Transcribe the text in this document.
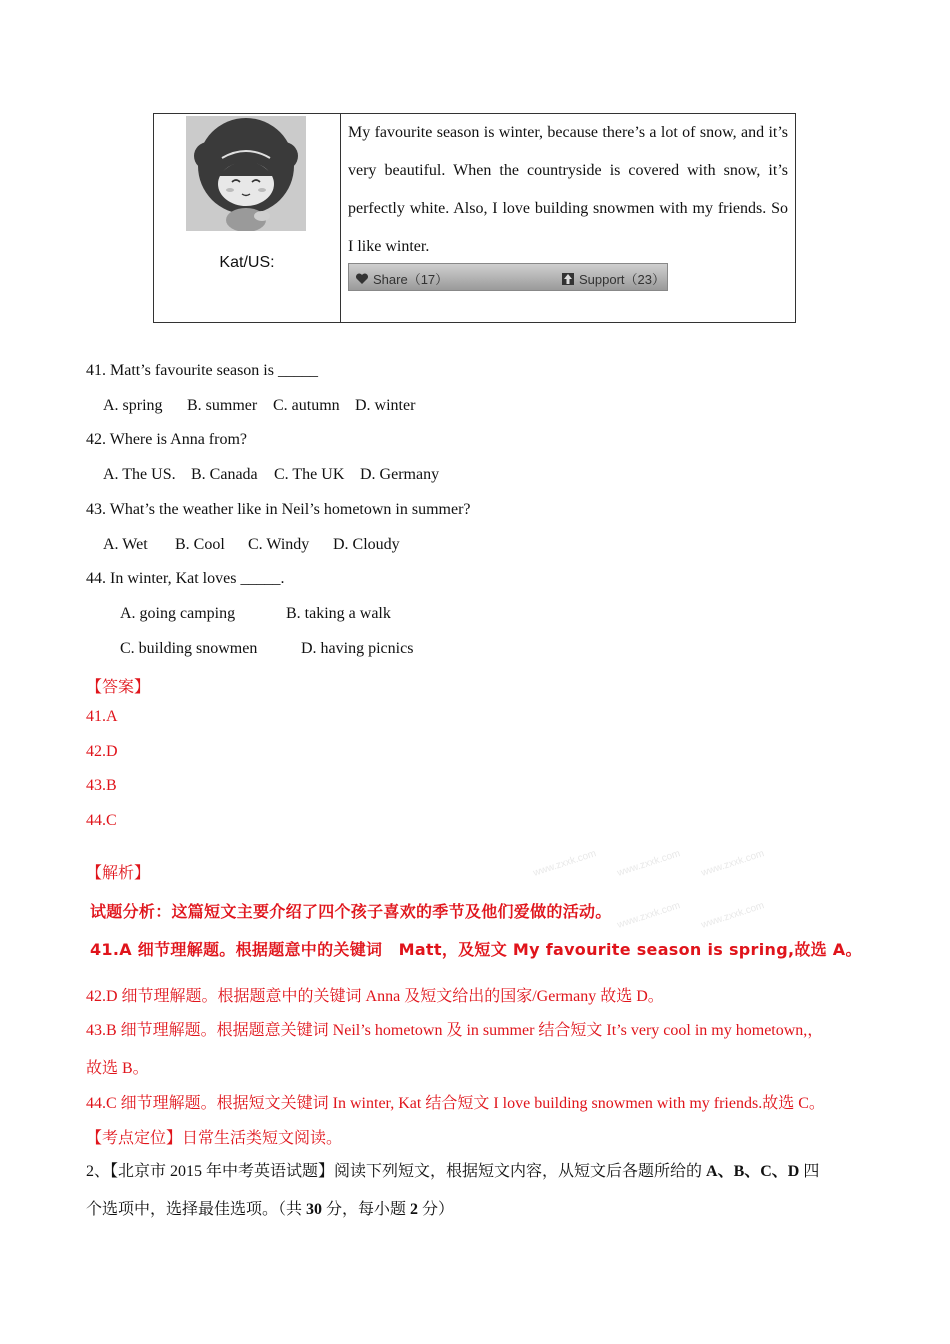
Kat/US:
My favourite season is winter, because there’s a lot of snow, and it’s very beautiful. When the countryside is covered with snow, it’s perfectly white. Also, I love building snowmen with my friends. So I like winter.
Share（17）	Support（23）
41. Matt’s favourite season is _____
A. spring	B. summer C. autumn D. winter
42. Where is Anna from?
A. The US. B. Canada	C. The UK D. Germany
43. What’s the weather like in Neil’s hometown in summer?
A. Wet	B. Cool	C. Windy	D. Cloudy
44. In winter, Kat loves _____.
A. going camping	B. taking a walk
C. building snowmen	D. having picnics
【答案】
41.A
42.D
43.B
44.C
【解析】	www.zxxk.com www.zxxk.com www.zxxk.com
www.zxxk.com www.zxxk.com
试题分析：这篇短文主要介绍了四个孩子喜欢的季节及他们爱做的活动。
41.A 细节理解题。根据题意中的关键词　Matt，及短文 My favourite season is spring,故选 A。
42.D 细节理解题。根据题意中的关键词 Anna 及短文给出的国家/Germany 故选 D。
43.B 细节理解题。根据题意关键词 Neil’s hometown 及 in summer 结合短文 It’s very cool in my hometown,，
故选 B。
44.C 细节理解题。根据短文关键词 In winter, Kat 结合短文 I love building snowmen with my friends.故选 C。
【考点定位】日常生活类短文阅读。
2、【北京市 2015 年中考英语试题】阅读下列短文，根据短文内容，从短文后各题所给的 A、B、C、D 四
个选项中，选择最佳选项。（共 30 分，每小题 2 分）
